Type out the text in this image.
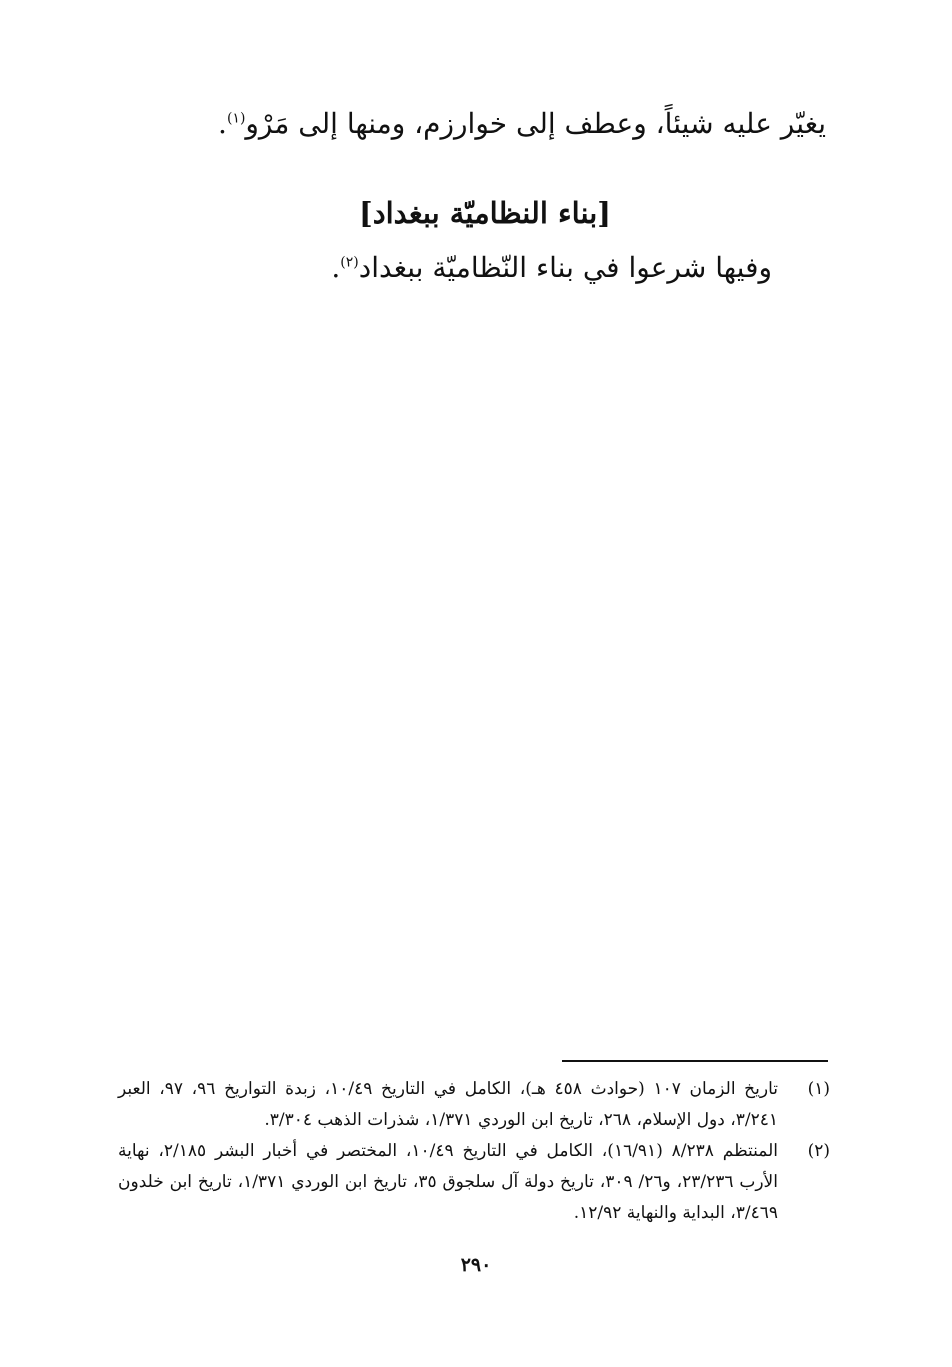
يغيّر عليه شيئاً، وعطف إلى خوارزم، ومنها إلى مَرْو$^{(١)}$.
[بناء النظاميّة ببغداد]
وفيها شرعوا في بناء النّظاميّة ببغداد$^{(٢)}$.
(١)
تاريخ الزمان ١٠٧ (حوادث ٤٥٨ هـ)، الكامل في التاريخ ١٠/٤٩، زبدة التواريخ ٩٦، ٩٧، العبر ٣/٢٤١، دول الإسلام، ٢٦٨، تاريخ ابن الوردي ١/٣٧١، شذرات الذهب ٣/٣٠٤.
(٢)
المنتظم ٨/٢٣٨ (١٦/٩١)، الكامل في التاريخ ١٠/٤٩، المختصر في أخبار البشر ٢/١٨٥، نهاية الأرب ٢٣/٢٣٦، و٢٦/ ٣٠٩، تاريخ دولة آل سلجوق ٣٥، تاريخ ابن الوردي ١/٣٧١، تاريخ ابن خلدون ٣/٤٦٩، البداية والنهاية ١٢/٩٢.
٢٩٠
